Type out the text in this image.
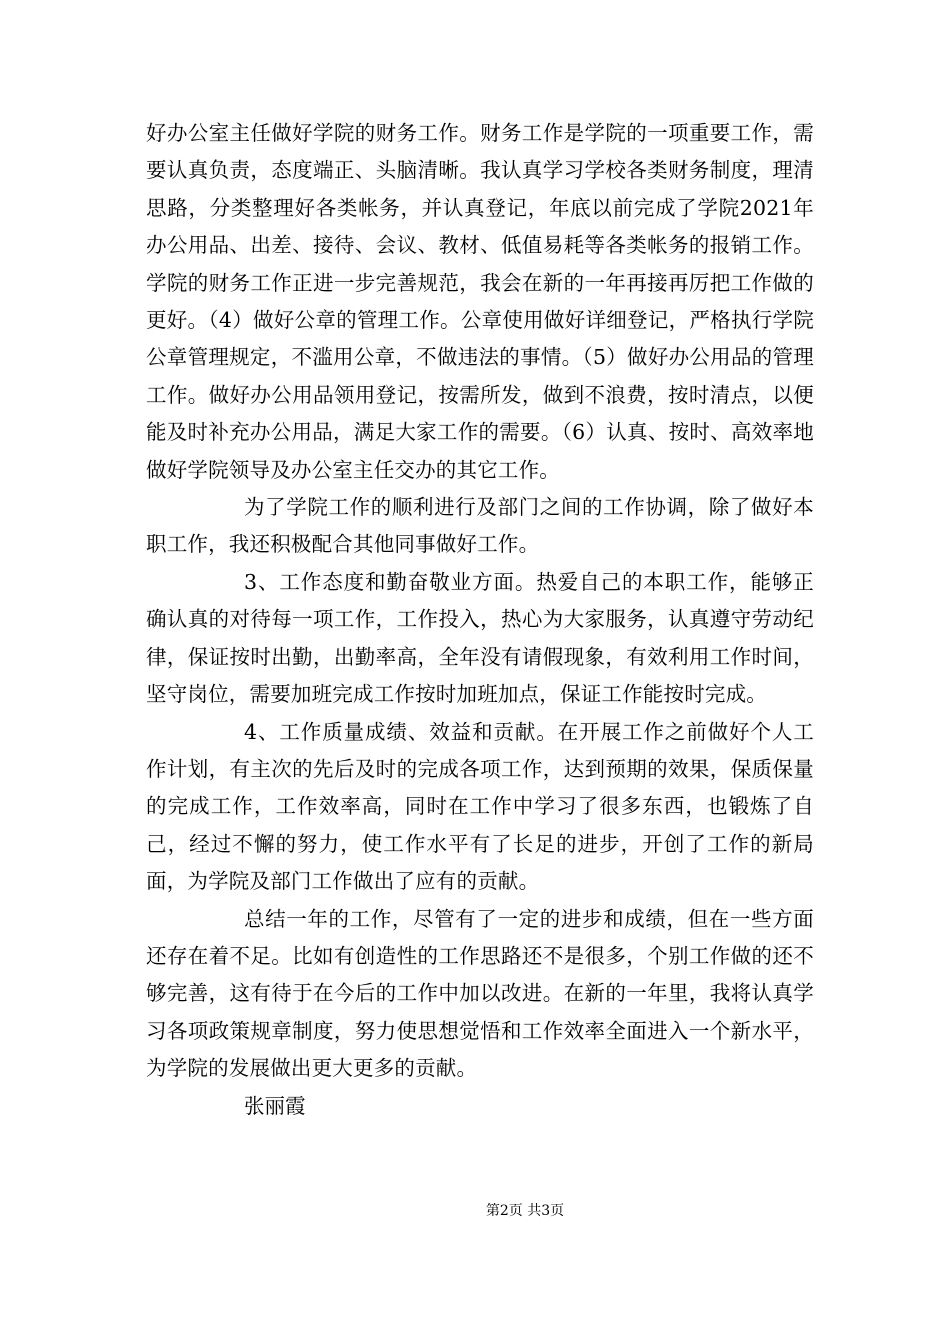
好办公室主任做好学院的财务工作。财务工作是学院的一项重要工作，需要认真负责，态度端正、头脑清晰。我认真学习学校各类财务制度，理清思路，分类整理好各类帐务，并认真登记，年底以前完成了学院2021年办公用品、出差、接待、会议、教材、低值易耗等各类帐务的报销工作。学院的财务工作正进一步完善规范，我会在新的一年再接再厉把工作做的更好。（4）做好公章的管理工作。公章使用做好详细登记，严格执行学院公章管理规定，不滥用公章，不做违法的事情。（5）做好办公用品的管理工作。做好办公用品领用登记，按需所发，做到不浪费，按时清点，以便能及时补充办公用品，满足大家工作的需要。（6）认真、按时、高效率地做好学院领导及办公室主任交办的其它工作。

为了学院工作的顺利进行及部门之间的工作协调，除了做好本职工作，我还积极配合其他同事做好工作。

3、工作态度和勤奋敬业方面。热爱自己的本职工作，能够正确认真的对待每一项工作，工作投入，热心为大家服务，认真遵守劳动纪律，保证按时出勤，出勤率高，全年没有请假现象，有效利用工作时间，坚守岗位，需要加班完成工作按时加班加点，保证工作能按时完成。

4、工作质量成绩、效益和贡献。在开展工作之前做好个人工作计划，有主次的先后及时的完成各项工作，达到预期的效果，保质保量的完成工作，工作效率高，同时在工作中学习了很多东西，也锻炼了自己，经过不懈的努力，使工作水平有了长足的进步，开创了工作的新局面，为学院及部门工作做出了应有的贡献。

总结一年的工作，尽管有了一定的进步和成绩，但在一些方面还存在着不足。比如有创造性的工作思路还不是很多，个别工作做的还不够完善，这有待于在今后的工作中加以改进。在新的一年里，我将认真学习各项政策规章制度，努力使思想觉悟和工作效率全面进入一个新水平，为学院的发展做出更大更多的贡献。

张丽霞

第2页 共3页
